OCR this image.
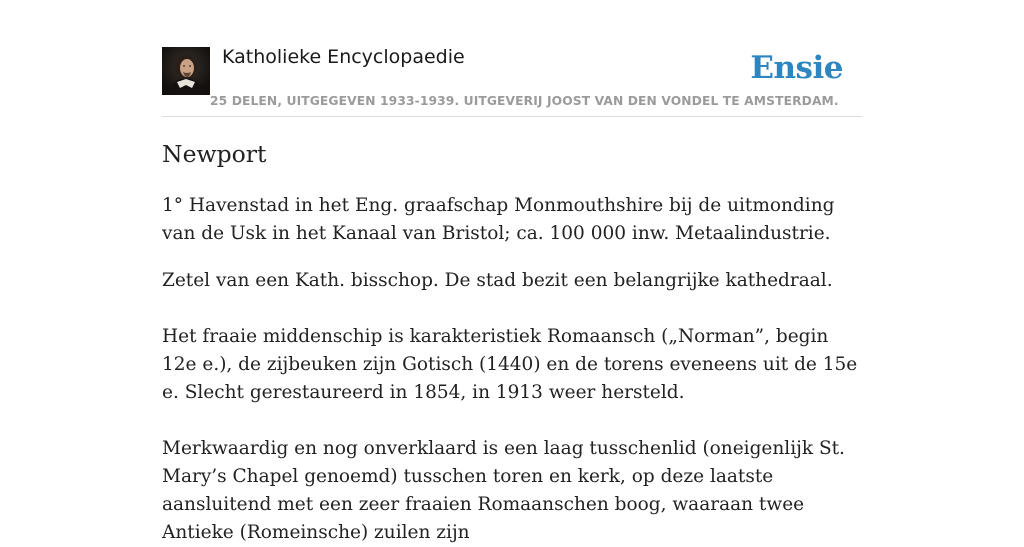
Katholieke Encyclopaedie	Ensie
25 DELEN, UITGEGEVEN 1933-1939. UITGEVERIJ JOOST VAN DEN VONDEL TE AMSTERDAM.
Newport

1° Havenstad in het Eng. graafschap Monmouthshire bij de uitmonding van de Usk in het Kanaal van Bristol; ca. 100 000 inw. Metaalindustrie.

Zetel van een Kath. bisschop. De stad bezit een belangrijke kathedraal.

Het fraaie middenschip is karakteristiek Romaansch („Norman”, begin 12e e.), de zijbeuken zijn Gotisch (1440) en de torens eveneens uit de 15e e. Slecht gerestaureerd in 1854, in 1913 weer hersteld.

Merkwaardig en nog onverklaard is een laag tusschenlid (oneigenlijk St. Mary’s Chapel genoemd) tusschen toren en kerk, op deze laatste aansluitend met een zeer fraaien Romaanschen boog, waaraan twee Antieke (Romeinsche) zuilen zijn
